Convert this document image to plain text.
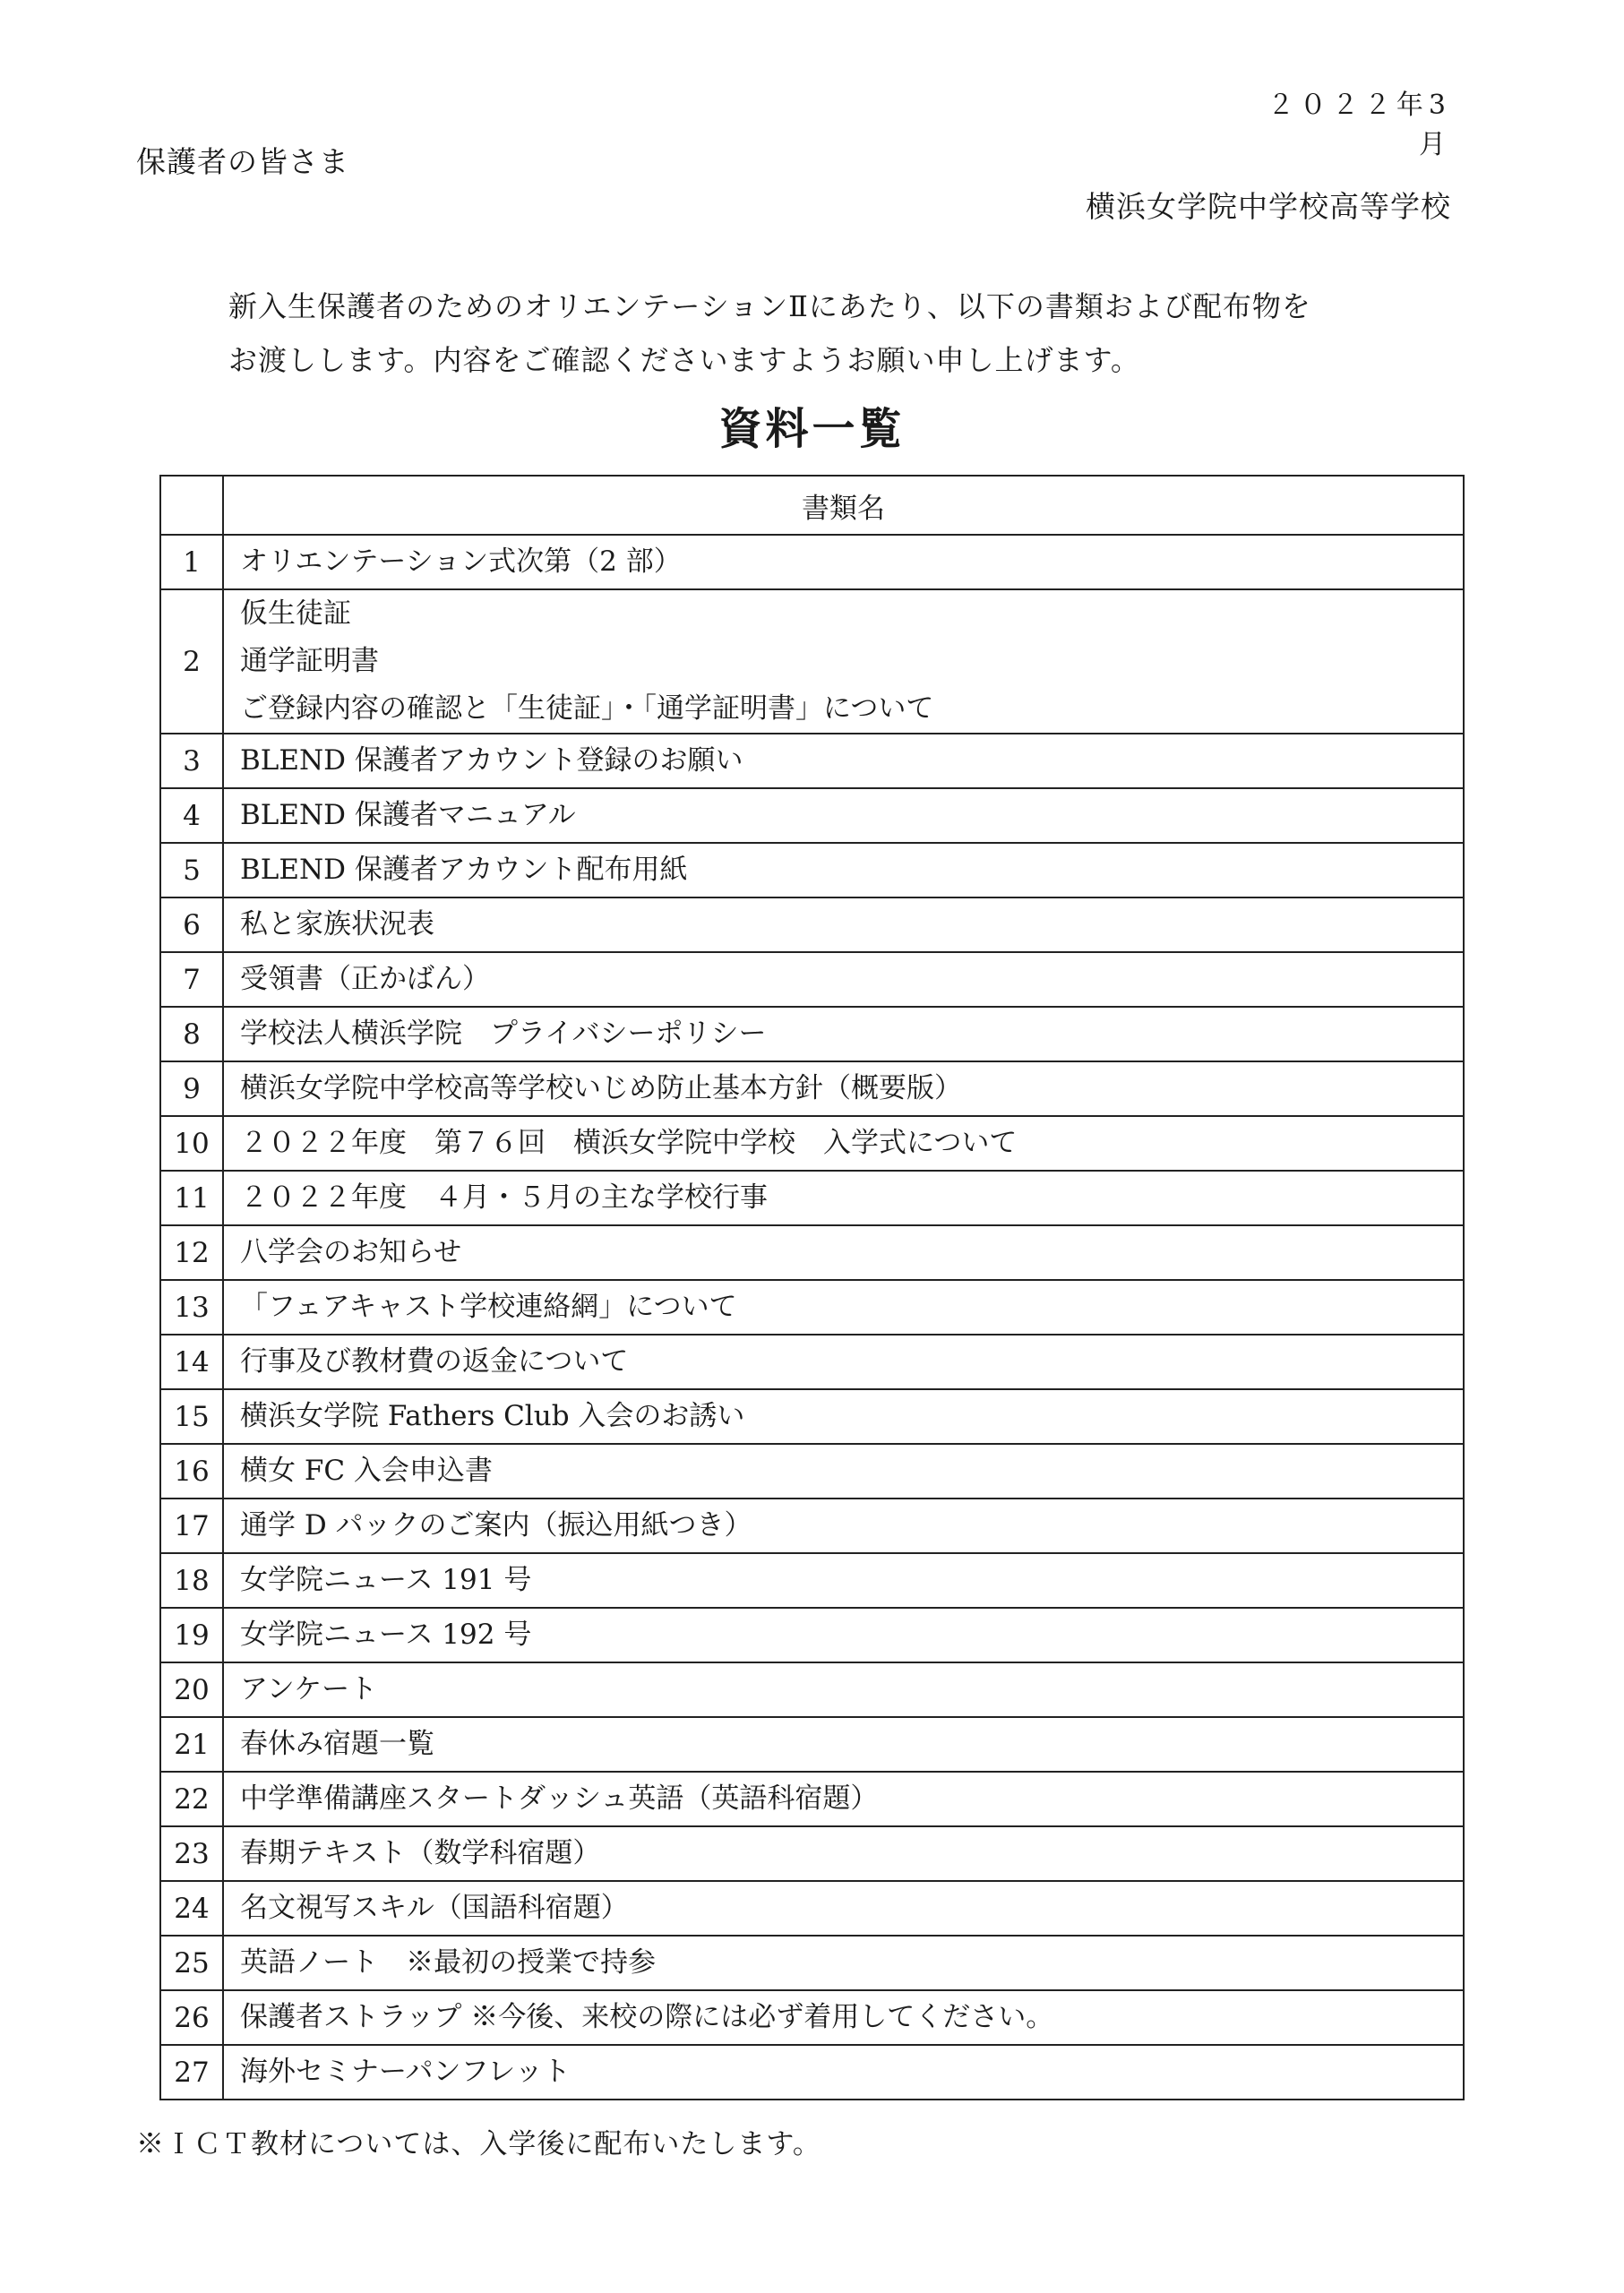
２０２２年3月
保護者の皆さま
横浜女学院中学校高等学校
新入生保護者のためのオリエンテーションⅡにあたり、以下の書類および配布物を
お渡しします。内容をご確認くださいますようお願い申し上げます。
資料一覧
	書類名
1	オリエンテーション式次第（2 部）

2	仮生徒証
通学証明書
ご登録内容の確認と「生徒証」・「通学証明書」について

3	BLEND 保護者アカウント登録のお願い

4	BLEND 保護者マニュアル

5	BLEND 保護者アカウント配布用紙

6	私と家族状況表

7	受領書（正かばん）

8	学校法人横浜学院　プライバシーポリシー

9	横浜女学院中学校高等学校いじめ防止基本方針（概要版）

10	２０２２年度　第７６回　横浜女学院中学校　入学式について

11	２０２２年度　４月・５月の主な学校行事

12	八学会のお知らせ

13	「フェアキャスト学校連絡網」について

14	行事及び教材費の返金について

15	横浜女学院 Fathers Club 入会のお誘い

16	横女 FC 入会申込書

17	通学 D パックのご案内（振込用紙つき）

18	女学院ニュース 191 号

19	女学院ニュース 192 号

20	アンケート

21	春休み宿題一覧

22	中学準備講座スタートダッシュ英語（英語科宿題）

23	春期テキスト（数学科宿題）

24	名文視写スキル（国語科宿題）

25	英語ノート　※最初の授業で持参

26	保護者ストラップ ※今後、来校の際には必ず着用してください。

27	海外セミナーパンフレット
※ＩＣＴ教材については、入学後に配布いたします。
